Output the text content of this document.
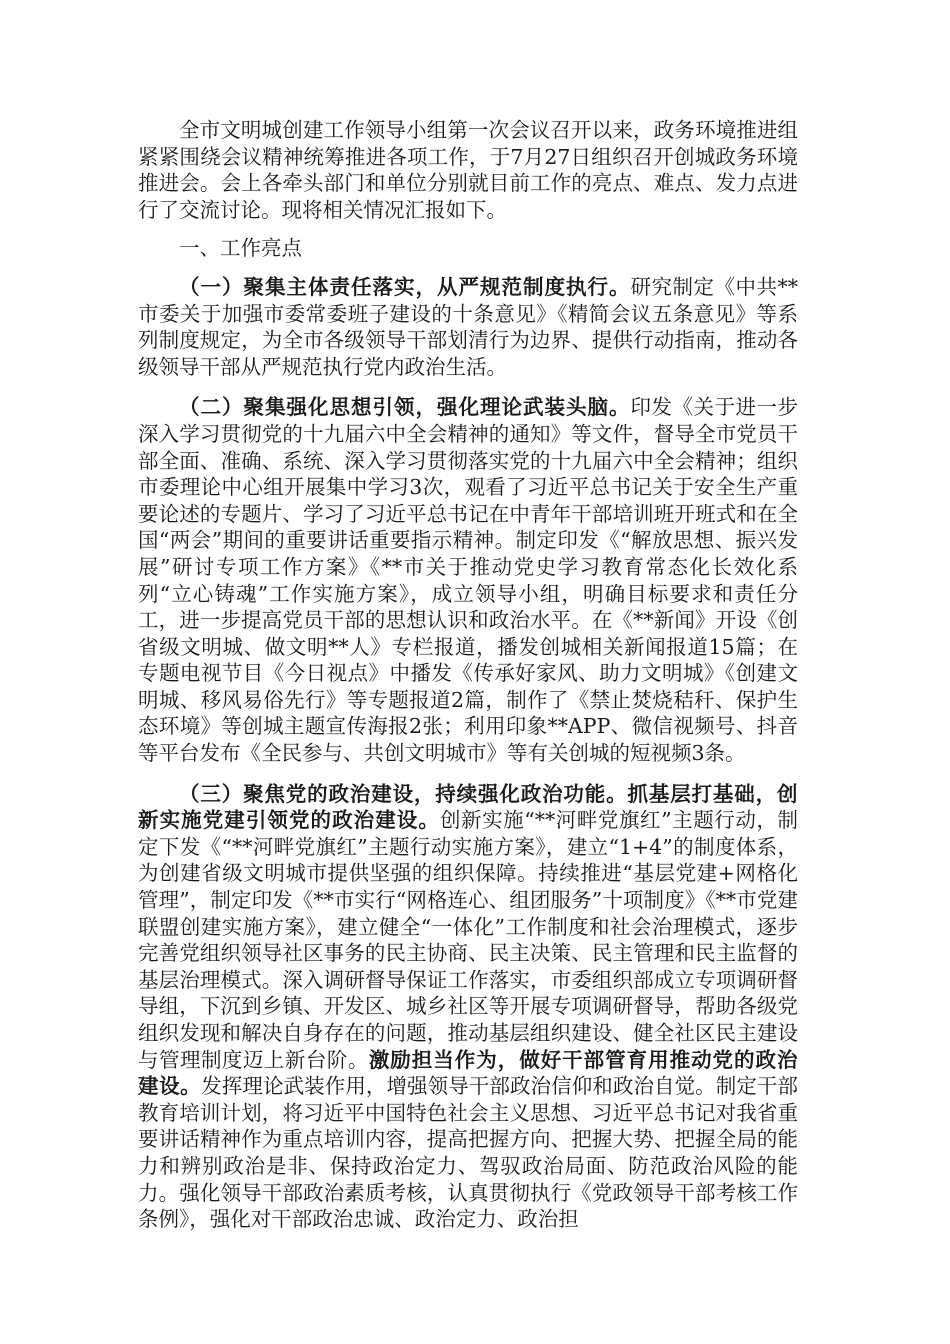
全市文明城创建工作领导小组第一次会议召开以来，政务环境推进组紧紧围绕会议精神统筹推进各项工作，于7月27日组织召开创城政务环境推进会。会上各牵头部门和单位分别就目前工作的亮点、难点、发力点进行了交流讨论。现将相关情况汇报如下。

一、工作亮点

（一）聚集主体责任落实，从严规范制度执行。研究制定《中共**市委关于加强市委常委班子建设的十条意见》《精简会议五条意见》等系列制度规定，为全市各级领导干部划清行为边界、提供行动指南，推动各级领导干部从严规范执行党内政治生活。

（二）聚集强化思想引领，强化理论武装头脑。印发《关于进一步深入学习贯彻党的十九届六中全会精神的通知》等文件，督导全市党员干部全面、准确、系统、深入学习贯彻落实党的十九届六中全会精神；组织市委理论中心组开展集中学习3次，观看了习近平总书记关于安全生产重要论述的专题片、学习了习近平总书记在中青年干部培训班开班式和在全国“两会”期间的重要讲话重要指示精神。制定印发《“解放思想、振兴发展”研讨专项工作方案》《**市关于推动党史学习教育常态化长效化系列“立心铸魂”工作实施方案》，成立领导小组，明确目标要求和责任分工，进一步提高党员干部的思想认识和政治水平。在《**新闻》开设《创省级文明城、做文明**人》专栏报道，播发创城相关新闻报道15篇；在专题电视节目《今日视点》中播发《传承好家风、助力文明城》《创建文明城、移风易俗先行》等专题报道2篇，制作了《禁止焚烧秸秆、保护生态环境》等创城主题宣传海报2张；利用印象**APP、微信视频号、抖音等平台发布《全民参与、共创文明城市》等有关创城的短视频3条。

（三）聚焦党的政治建设，持续强化政治功能。抓基层打基础，创新实施党建引领党的政治建设。创新实施“**河畔党旗红”主题行动，制定下发《“**河畔党旗红”主题行动实施方案》，建立“1+4”的制度体系，为创建省级文明城市提供坚强的组织保障。持续推进“基层党建+网格化管理”，制定印发《**市实行“网格连心、组团服务”十项制度》《**市党建联盟创建实施方案》，建立健全“一体化”工作制度和社会治理模式，逐步完善党组织领导社区事务的民主协商、民主决策、民主管理和民主监督的基层治理模式。深入调研督导保证工作落实，市委组织部成立专项调研督导组，下沉到乡镇、开发区、城乡社区等开展专项调研督导，帮助各级党组织发现和解决自身存在的问题，推动基层组织建设、健全社区民主建设与管理制度迈上新台阶。激励担当作为，做好干部管育用推动党的政治建设。发挥理论武装作用，增强领导干部政治信仰和政治自觉。制定干部教育培训计划，将习近平中国特色社会主义思想、习近平总书记对我省重要讲话精神作为重点培训内容，提高把握方向、把握大势、把握全局的能力和辨别政治是非、保持政治定力、驾驭政治局面、防范政治风险的能力。强化领导干部政治素质考核，认真贯彻执行《党政领导干部考核工作条例》，强化对干部政治忠诚、政治定力、政治担
